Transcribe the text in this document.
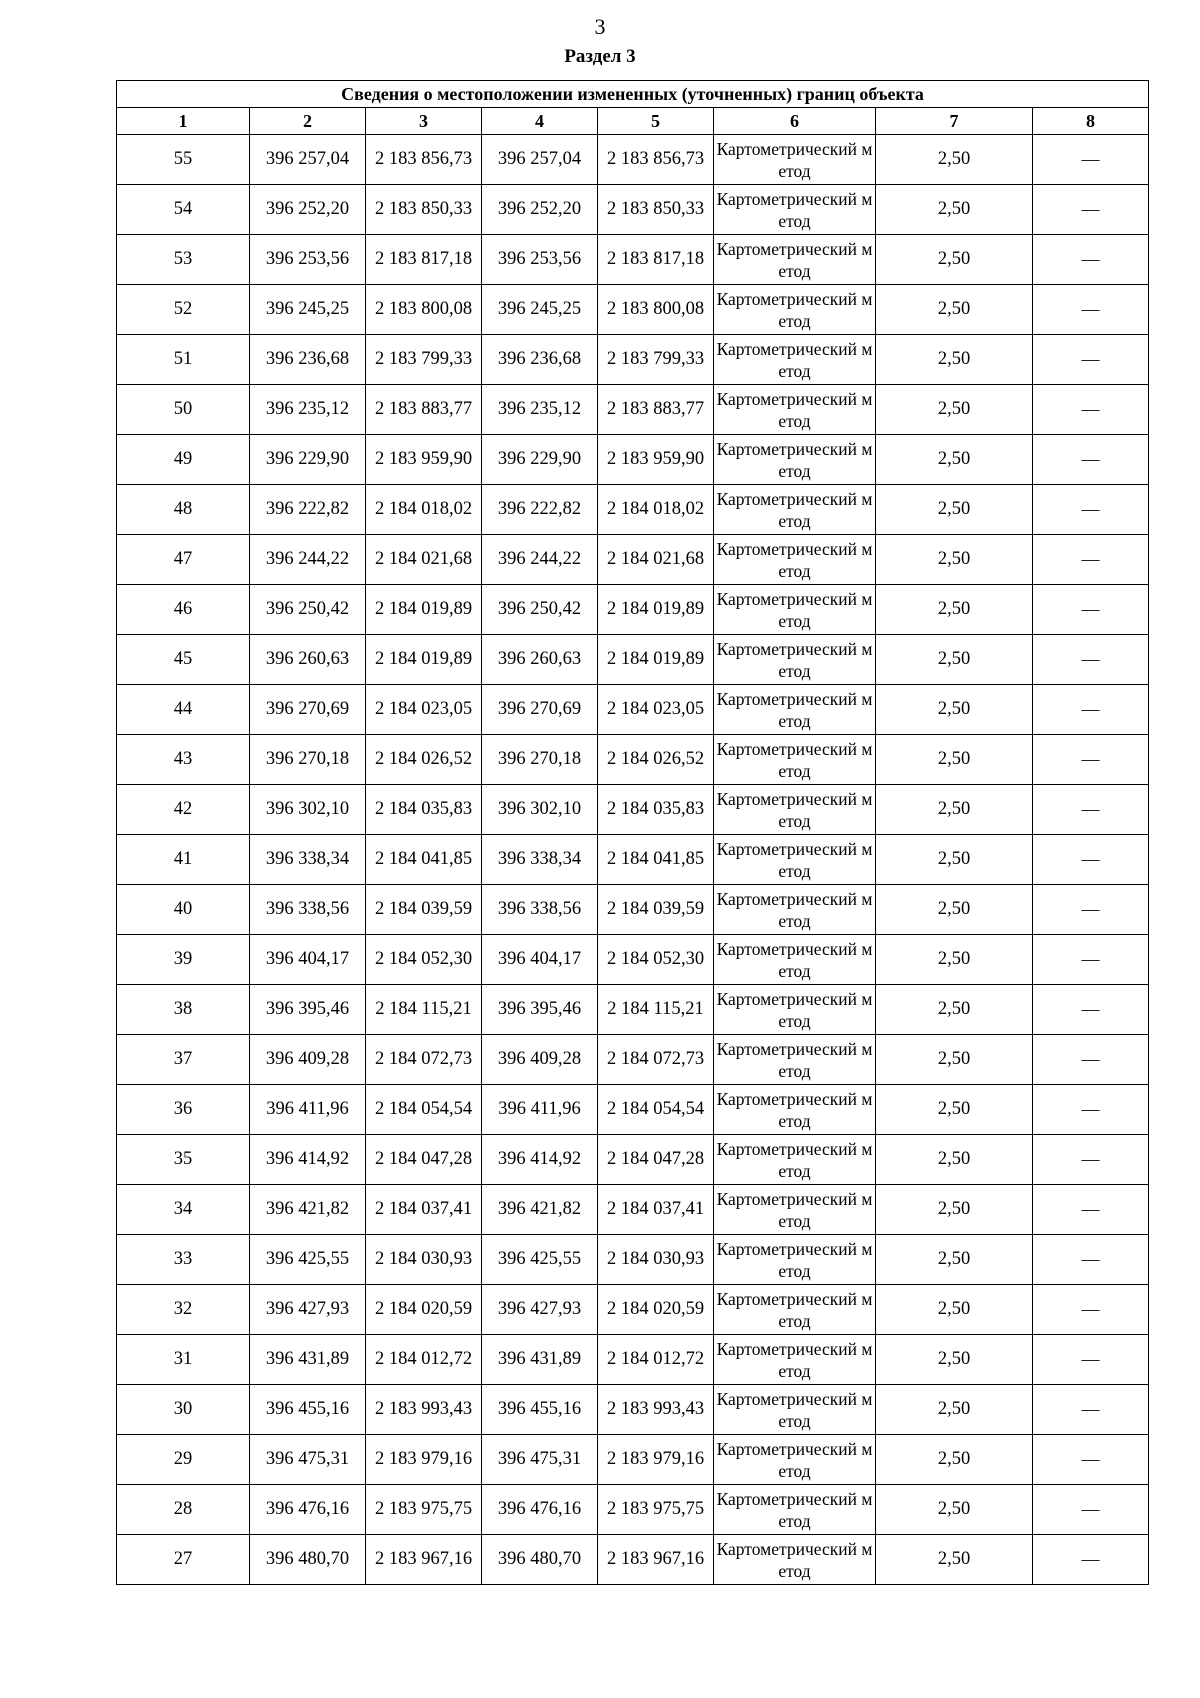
3
Раздел 3
Сведения о местоположении измененных (уточненных) границ объекта							
1	2	3	4	5	6	7	8
55	396 257,04	2 183 856,73	396 257,04	2 183 856,73	Картометрический метод	2,50	—
54	396 252,20	2 183 850,33	396 252,20	2 183 850,33	Картометрический метод	2,50	—
53	396 253,56	2 183 817,18	396 253,56	2 183 817,18	Картометрический метод	2,50	—
52	396 245,25	2 183 800,08	396 245,25	2 183 800,08	Картометрический метод	2,50	—
51	396 236,68	2 183 799,33	396 236,68	2 183 799,33	Картометрический метод	2,50	—
50	396 235,12	2 183 883,77	396 235,12	2 183 883,77	Картометрический метод	2,50	—
49	396 229,90	2 183 959,90	396 229,90	2 183 959,90	Картометрический метод	2,50	—
48	396 222,82	2 184 018,02	396 222,82	2 184 018,02	Картометрический метод	2,50	—
47	396 244,22	2 184 021,68	396 244,22	2 184 021,68	Картометрический метод	2,50	—
46	396 250,42	2 184 019,89	396 250,42	2 184 019,89	Картометрический метод	2,50	—
45	396 260,63	2 184 019,89	396 260,63	2 184 019,89	Картометрический метод	2,50	—
44	396 270,69	2 184 023,05	396 270,69	2 184 023,05	Картометрический метод	2,50	—
43	396 270,18	2 184 026,52	396 270,18	2 184 026,52	Картометрический метод	2,50	—
42	396 302,10	2 184 035,83	396 302,10	2 184 035,83	Картометрический метод	2,50	—
41	396 338,34	2 184 041,85	396 338,34	2 184 041,85	Картометрический метод	2,50	—
40	396 338,56	2 184 039,59	396 338,56	2 184 039,59	Картометрический метод	2,50	—
39	396 404,17	2 184 052,30	396 404,17	2 184 052,30	Картометрический метод	2,50	—
38	396 395,46	2 184 115,21	396 395,46	2 184 115,21	Картометрический метод	2,50	—
37	396 409,28	2 184 072,73	396 409,28	2 184 072,73	Картометрический метод	2,50	—
36	396 411,96	2 184 054,54	396 411,96	2 184 054,54	Картометрический метод	2,50	—
35	396 414,92	2 184 047,28	396 414,92	2 184 047,28	Картометрический метод	2,50	—
34	396 421,82	2 184 037,41	396 421,82	2 184 037,41	Картометрический метод	2,50	—
33	396 425,55	2 184 030,93	396 425,55	2 184 030,93	Картометрический метод	2,50	—
32	396 427,93	2 184 020,59	396 427,93	2 184 020,59	Картометрический метод	2,50	—
31	396 431,89	2 184 012,72	396 431,89	2 184 012,72	Картометрический метод	2,50	—
30	396 455,16	2 183 993,43	396 455,16	2 183 993,43	Картометрический метод	2,50	—
29	396 475,31	2 183 979,16	396 475,31	2 183 979,16	Картометрический метод	2,50	—
28	396 476,16	2 183 975,75	396 476,16	2 183 975,75	Картометрический метод	2,50	—
27	396 480,70	2 183 967,16	396 480,70	2 183 967,16	Картометрический метод	2,50	—
